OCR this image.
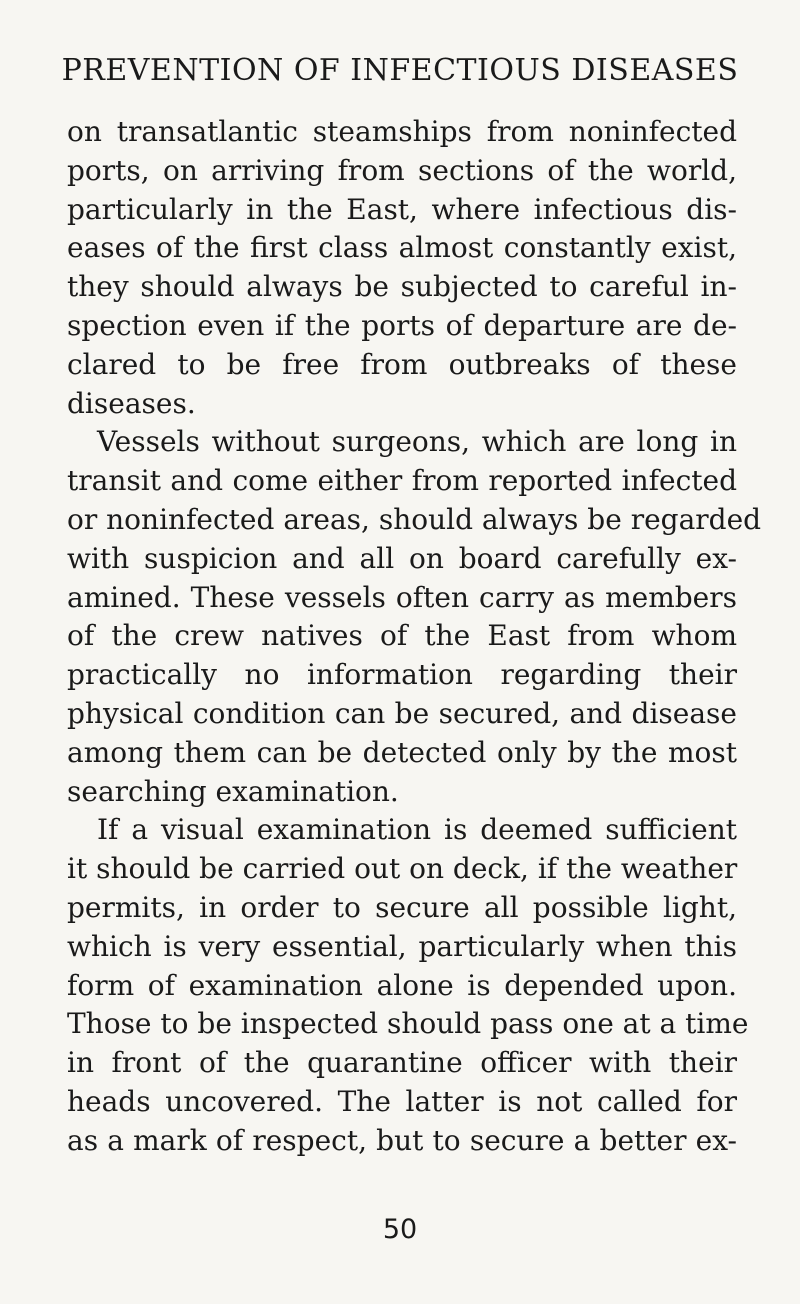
PREVENTION OF INFECTIOUS DISEASES
on transatlantic steamships from noninfected
ports, on arriving from sections of the world,
particularly in the East, where infectious dis-
eases of the first class almost constantly exist,
they should always be subjected to careful in-
spection even if the ports of departure are de-
clared to be free from outbreaks of these
diseases.
Vessels without surgeons, which are long in
transit and come either from reported infected
or noninfected areas, should always be regarded
with suspicion and all on board carefully ex-
amined. These vessels often carry as members
of the crew natives of the East from whom
practically no information regarding their
physical condition can be secured, and disease
among them can be detected only by the most
searching examination.
If a visual examination is deemed sufficient
it should be carried out on deck, if the weather
permits, in order to secure all possible light,
which is very essential, particularly when this
form of examination alone is depended upon.
Those to be inspected should pass one at a time
in front of the quarantine officer with their
heads uncovered. The latter is not called for
as a mark of respect, but to secure a better ex-
50
